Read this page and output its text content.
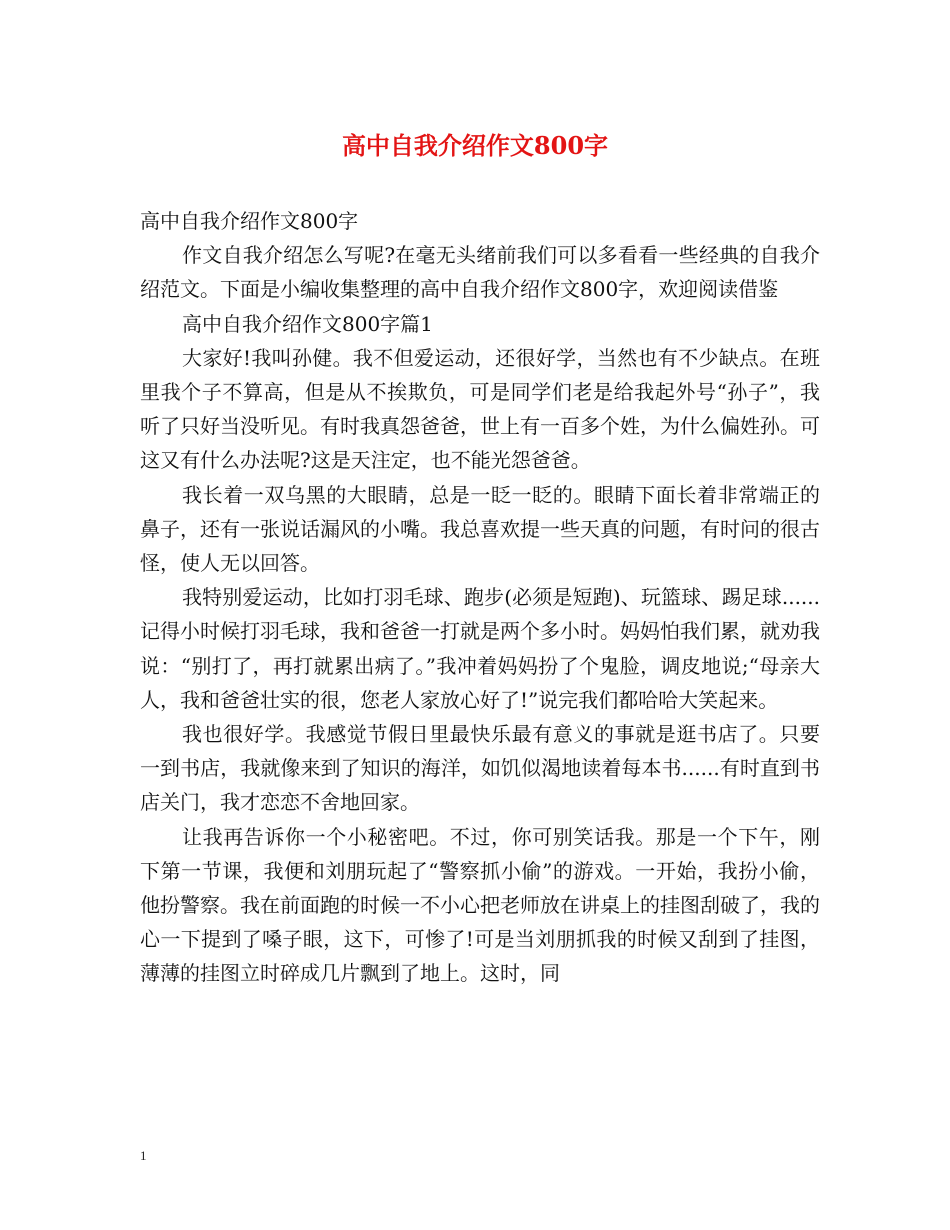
高中自我介绍作文800字

高中自我介绍作文800字

作文自我介绍怎么写呢?在毫无头绪前我们可以多看看一些经典的自我介绍范文。下面是小编收集整理的高中自我介绍作文800字，欢迎阅读借鉴

高中自我介绍作文800字篇1

大家好!我叫孙健。我不但爱运动，还很好学，当然也有不少缺点。在班里我个子不算高，但是从不挨欺负，可是同学们老是给我起外号“孙子”，我听了只好当没听见。有时我真怨爸爸，世上有一百多个姓，为什么偏姓孙。可这又有什么办法呢?这是天注定，也不能光怨爸爸。

我长着一双乌黑的大眼睛，总是一眨一眨的。眼睛下面长着非常端正的鼻子，还有一张说话漏风的小嘴。我总喜欢提一些天真的问题，有时问的很古怪，使人无以回答。

我特别爱运动，比如打羽毛球、跑步(必须是短跑)、玩篮球、踢足球......记得小时候打羽毛球，我和爸爸一打就是两个多小时。妈妈怕我们累，就劝我说：“别打了，再打就累出病了。”我冲着妈妈扮了个鬼脸，调皮地说;“母亲大人，我和爸爸壮实的很，您老人家放心好了!”说完我们都哈哈大笑起来。

我也很好学。我感觉节假日里最快乐最有意义的事就是逛书店了。只要一到书店，我就像来到了知识的海洋，如饥似渴地读着每本书......有时直到书店关门，我才恋恋不舍地回家。

让我再告诉你一个小秘密吧。不过，你可别笑话我。那是一个下午，刚下第一节课，我便和刘朋玩起了“警察抓小偷”的游戏。一开始，我扮小偷，他扮警察。我在前面跑的时候一不小心把老师放在讲桌上的挂图刮破了，我的心一下提到了嗓子眼，这下，可惨了!可是当刘朋抓我的时候又刮到了挂图，薄薄的挂图立时碎成几片飘到了地上。这时，同

1
